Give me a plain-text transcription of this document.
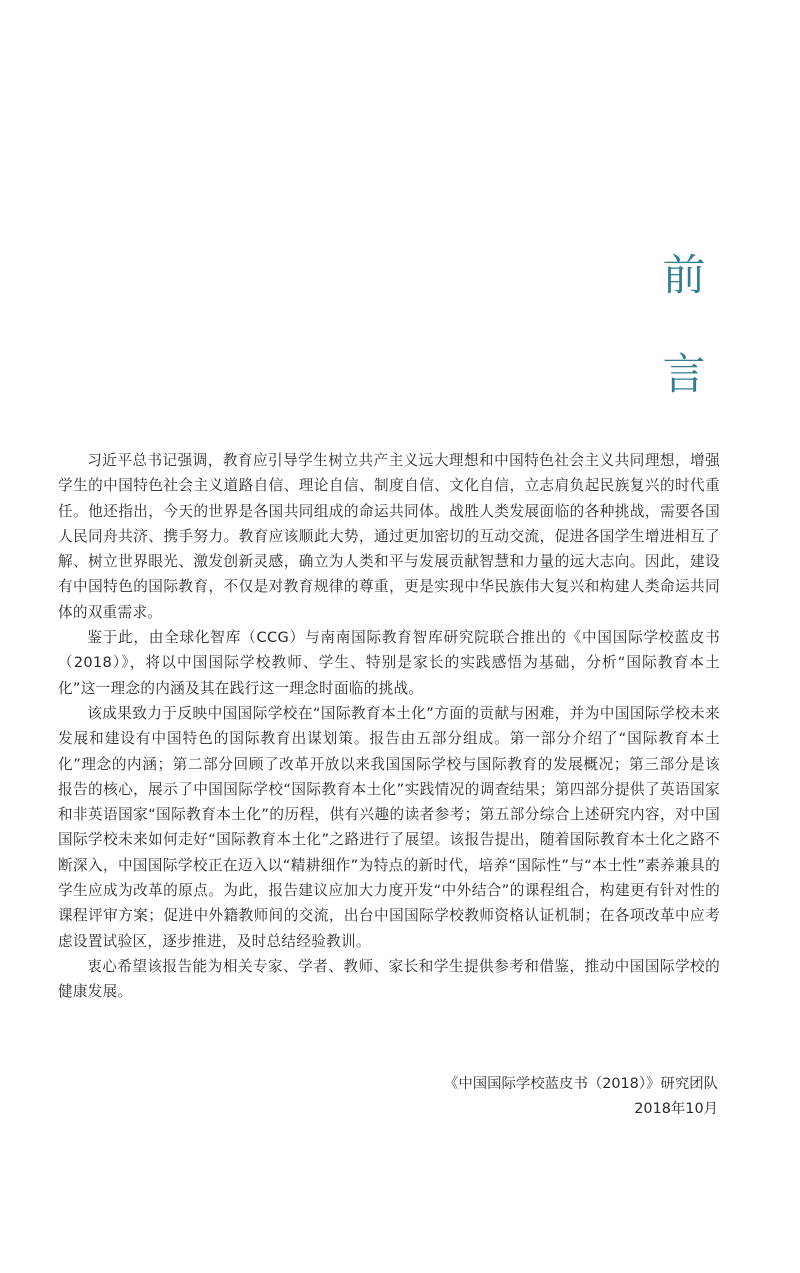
前
言

习近平总书记强调，教育应引导学生树立共产主义远大理想和中国特色社会主义共同理想，增强学生的中国特色社会主义道路自信、理论自信、制度自信、文化自信，立志肩负起民族复兴的时代重任。他还指出，今天的世界是各国共同组成的命运共同体。战胜人类发展面临的各种挑战，需要各国人民同舟共济、携手努力。教育应该顺此大势，通过更加密切的互动交流，促进各国学生增进相互了解、树立世界眼光、激发创新灵感，确立为人类和平与发展贡献智慧和力量的远大志向。因此，建设有中国特色的国际教育，不仅是对教育规律的尊重，更是实现中华民族伟大复兴和构建人类命运共同体的双重需求。

鉴于此，由全球化智库（CCG）与南南国际教育智库研究院联合推出的《中国国际学校蓝皮书（2018）》，将以中国国际学校教师、学生、特别是家长的实践感悟为基础，分析“国际教育本土化”这一理念的内涵及其在践行这一理念时面临的挑战。

该成果致力于反映中国国际学校在“国际教育本土化”方面的贡献与困难，并为中国国际学校未来发展和建设有中国特色的国际教育出谋划策。报告由五部分组成。第一部分介绍了“国际教育本土化”理念的内涵；第二部分回顾了改革开放以来我国国际学校与国际教育的发展概况；第三部分是该报告的核心，展示了中国国际学校“国际教育本土化”实践情况的调查结果；第四部分提供了英语国家和非英语国家“国际教育本土化”的历程，供有兴趣的读者参考；第五部分综合上述研究内容，对中国国际学校未来如何走好“国际教育本土化”之路进行了展望。该报告提出，随着国际教育本土化之路不断深入，中国国际学校正在迈入以“精耕细作”为特点的新时代，培养“国际性”与“本土性”素养兼具的学生应成为改革的原点。为此，报告建议应加大力度开发“中外结合”的课程组合，构建更有针对性的课程评审方案；促进中外籍教师间的交流，出台中国国际学校教师资格认证机制；在各项改革中应考虑设置试验区，逐步推进，及时总结经验教训。

衷心希望该报告能为相关专家、学者、教师、家长和学生提供参考和借鉴，推动中国国际学校的健康发展。

《中国国际学校蓝皮书（2018）》研究团队
2018年10月
